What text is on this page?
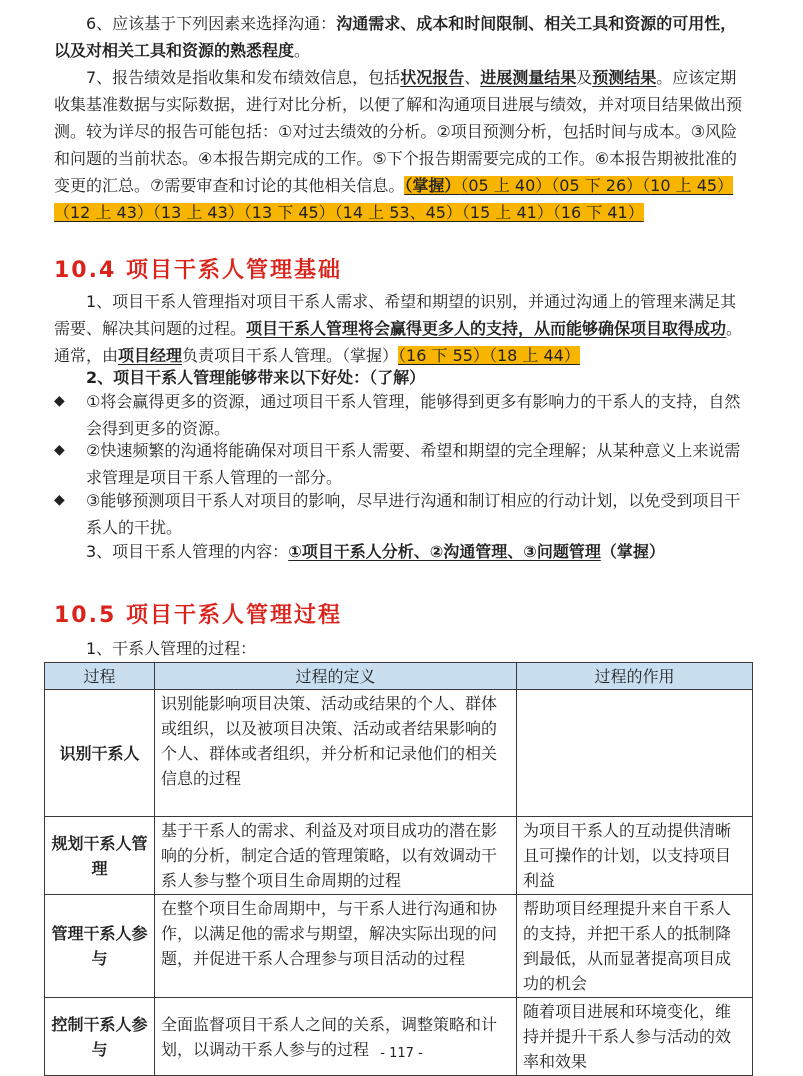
6、应该基于下列因素来选择沟通：沟通需求、成本和时间限制、相关工具和资源的可用性，以及对相关工具和资源的熟悉程度。

7、报告绩效是指收集和发布绩效信息，包括状况报告、进展测量结果及预测结果。应该定期收集基准数据与实际数据，进行对比分析，以便了解和沟通项目进展与绩效，并对项目结果做出预测。较为详尽的报告可能包括：①对过去绩效的分析。②项目预测分析，包括时间与成本。③风险和问题的当前状态。④本报告期完成的工作。⑤下个报告期需要完成的工作。⑥本报告期被批准的变更的汇总。⑦需要审查和讨论的其他相关信息。（掌握）（05 上 40）（05 下 26）（10 上 45）（12 上 43）（13 上 43）（13 下 45）（14 上 53、45）（15 上 41）（16 下 41）

10.4 项目干系人管理基础

1、项目干系人管理指对项目干系人需求、希望和期望的识别，并通过沟通上的管理来满足其需要、解决其问题的过程。项目干系人管理将会赢得更多人的支持，从而能够确保项目取得成功。通常，由项目经理负责项目干系人管理。（掌握）（16 下 55）（18 上 44）

2、项目干系人管理能够带来以下好处：（了解）

◆	①将会赢得更多的资源，通过项目干系人管理，能够得到更多有影响力的干系人的支持，自然会得到更多的资源。

◆	②快速频繁的沟通将能确保对项目干系人需要、希望和期望的完全理解；从某种意义上来说需求管理是项目干系人管理的一部分。

◆	③能够预测项目干系人对项目的影响，尽早进行沟通和制订相应的行动计划，以免受到项目干系人的干扰。

3、项目干系人管理的内容：①项目干系人分析、②沟通管理、③问题管理（掌握）

10.5 项目干系人管理过程

1、干系人管理的过程：

过程	过程的定义	过程的作用
识别干系人	识别能影响项目决策、活动或结果的个人、群体或组织，以及被项目决策、活动或者结果影响的个人、群体或者组织，并分析和记录他们的相关信息的过程	
规划干系人管理	基于干系人的需求、利益及对项目成功的潜在影响的分析，制定合适的管理策略，以有效调动干系人参与整个项目生命周期的过程	为项目干系人的互动提供清晰且可操作的计划，以支持项目利益
管理干系人参与	在整个项目生命周期中，与干系人进行沟通和协作，以满足他的需求与期望，解决实际出现的问题，并促进干系人合理参与项目活动的过程	帮助项目经理提升来自干系人的支持，并把干系人的抵制降到最低，从而显著提高项目成功的机会
控制干系人参与	全面监督项目干系人之间的关系，调整策略和计划，以调动干系人参与的过程	随着项目进展和环境变化，维持并提升干系人参与活动的效率和效果
- 117 -
